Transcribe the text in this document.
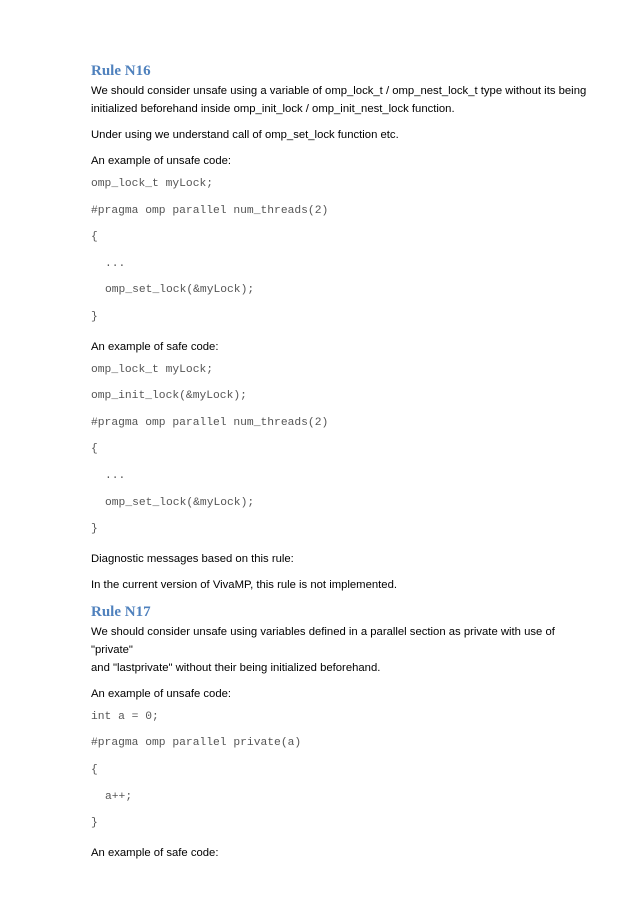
Rule N16
We should consider unsafe using a variable of omp_lock_t / omp_nest_lock_t type without its being
initialized beforehand inside omp_init_lock / omp_init_nest_lock function.
Under using we understand call of omp_set_lock function etc.
An example of unsafe code:
omp_lock_t myLock;
#pragma omp parallel num_threads(2)
{
...
omp_set_lock(&myLock);
}
An example of safe code:
omp_lock_t myLock;
omp_init_lock(&myLock);
#pragma omp parallel num_threads(2)
{
...
omp_set_lock(&myLock);
}
Diagnostic messages based on this rule:
In the current version of VivaMP, this rule is not implemented.
Rule N17
We should consider unsafe using variables defined in a parallel section as private with use of "private"
and "lastprivate" without their being initialized beforehand.
An example of unsafe code:
int a = 0;
#pragma omp parallel private(a)
{
a++;
}
An example of safe code:
